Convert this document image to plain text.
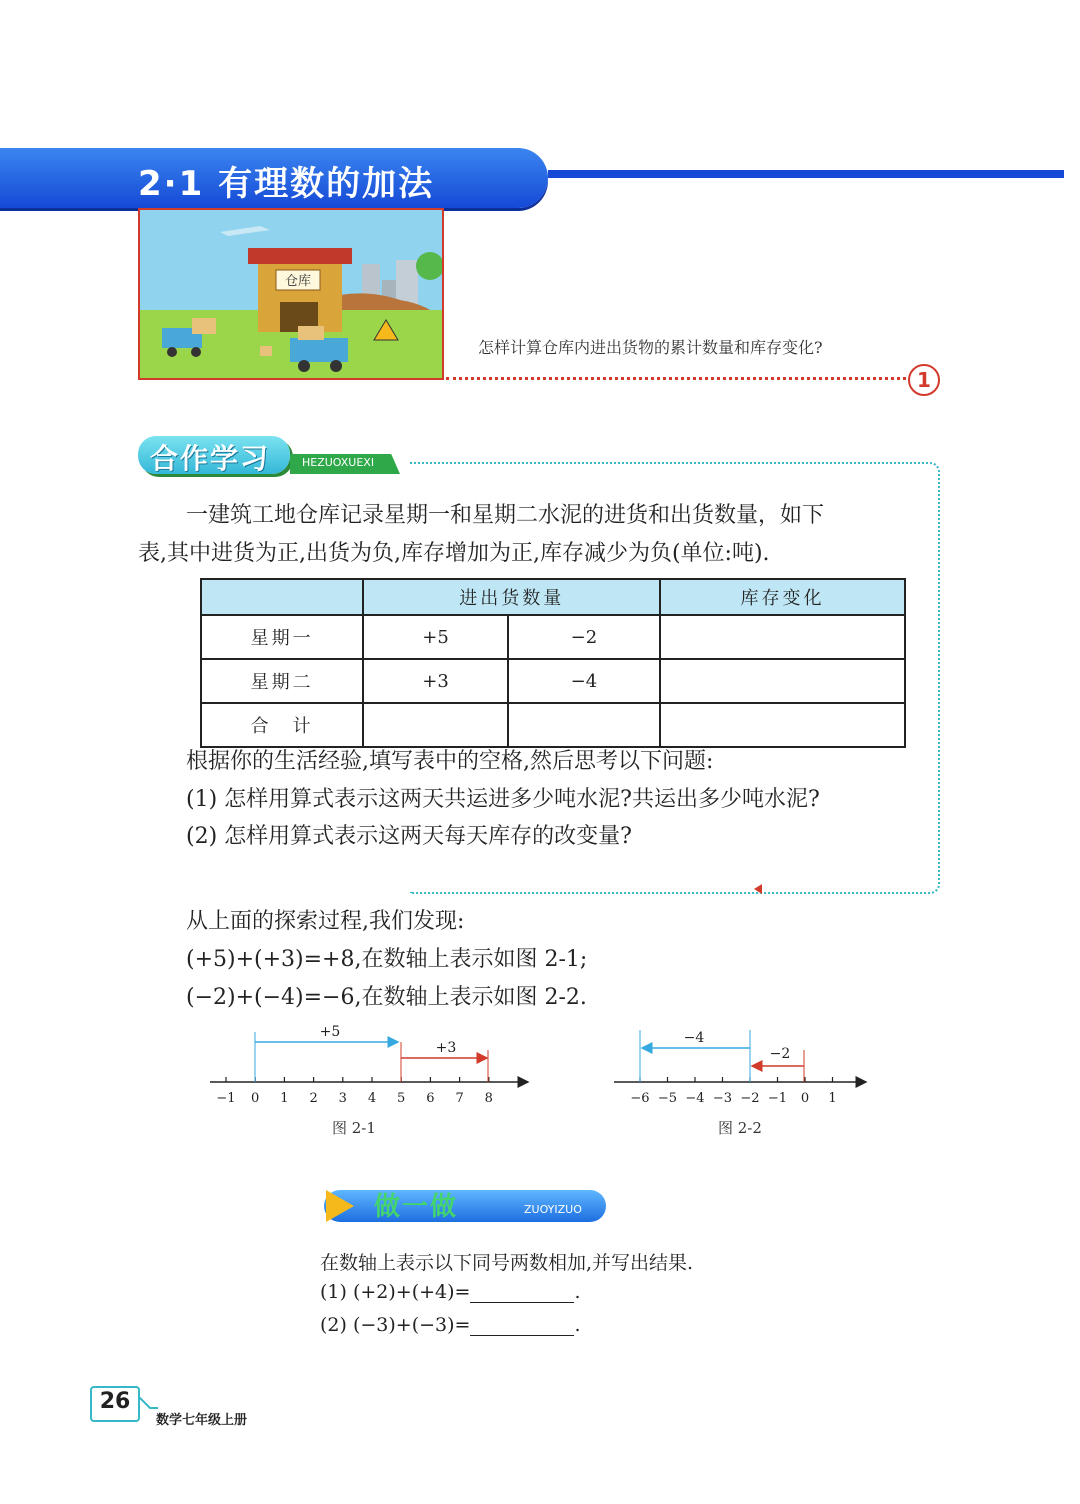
2·1 有理数的加法
仓库
怎样计算仓库内进出货物的累计数量和库存变化?
1
合作学习	HEZUOXUEXI
一建筑工地仓库记录星期一和星期二水泥的进货和出货数量，如下
表,其中进货为正,出货为负,库存增加为正,库存减少为负(单位:吨).
	进出货数量		库存变化
星期一	+5	−2	
星期二	+3	−4	
合　计			
根据你的生活经验,填写表中的空格,然后思考以下问题:
(1) 怎样用算式表示这两天共运进多少吨水泥?共运出多少吨水泥?
(2) 怎样用算式表示这两天每天库存的改变量?
从上面的探索过程,我们发现:
(+5)+(+3)=+8,在数轴上表示如图 2-1;
(−2)+(−4)=−6,在数轴上表示如图 2-2.
−1 0 1 2 3 4 5 6 7 8
+5
+3
图 2-1
−6 −5 −4 −3 −2 −1 0 1
−4
−2
图 2-2
做一做	ZUOYIZUO
在数轴上表示以下同号两数相加,并写出结果.
(1) (+2)+(+4)=	.
(2) (−3)+(−3)=	.
26
数学七年级上册
